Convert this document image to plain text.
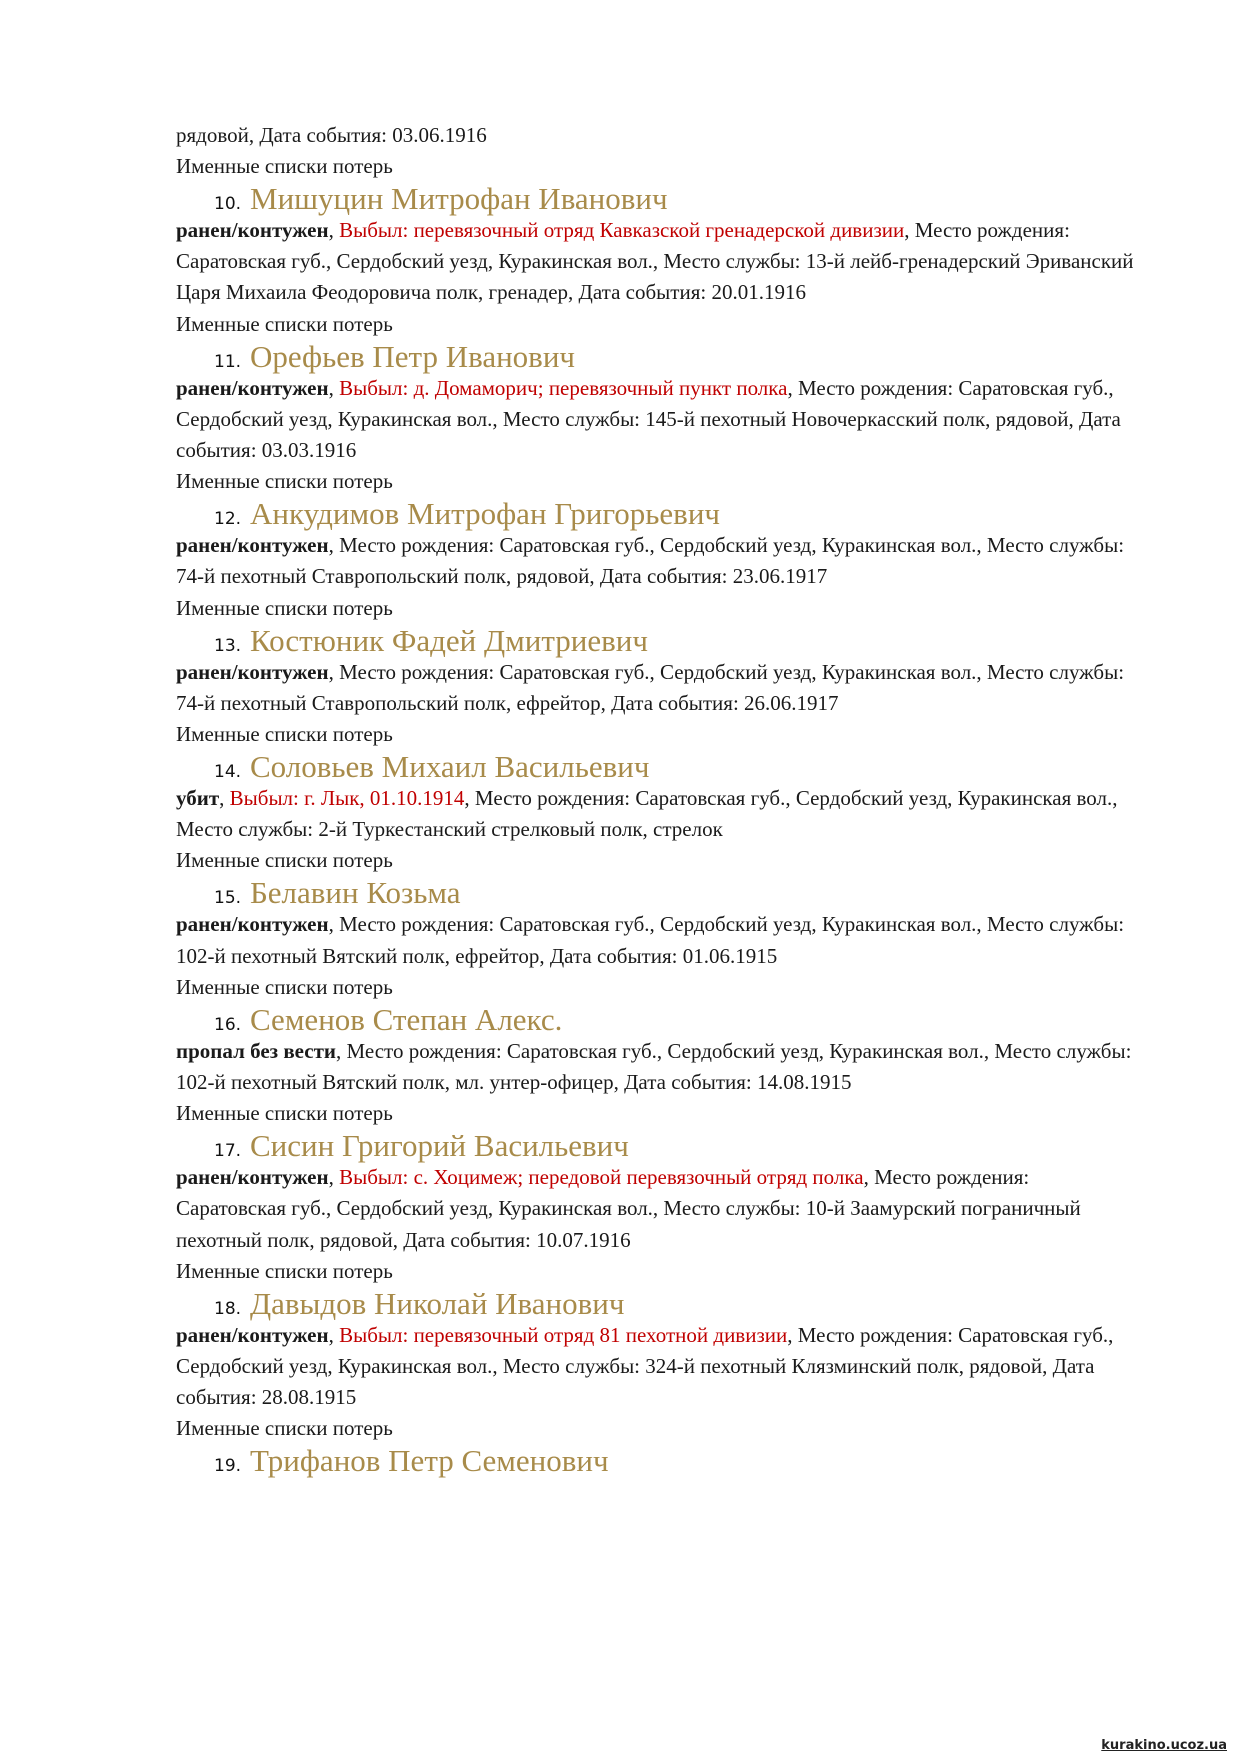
рядовой, Дата события: 03.06.1916
Именные списки потерь
10. Мишуцин Митрофан Иванович
ранен/контужен, Выбыл: перевязочный отряд Кавказской гренадерской дивизии, Место рождения: Саратовская губ., Сердобский уезд, Куракинская вол., Место службы: 13-й лейб-гренадерский Эриванский Царя Михаила Феодоровича полк, гренадер, Дата события: 20.01.1916
Именные списки потерь
11. Орефьев Петр Иванович
ранен/контужен, Выбыл: д. Домаморич; перевязочный пункт полка, Место рождения: Саратовская губ., Сердобский уезд, Куракинская вол., Место службы: 145-й пехотный Новочеркасский полк, рядовой, Дата события: 03.03.1916
Именные списки потерь
12. Анкудимов Митрофан Григорьевич
ранен/контужен, Место рождения: Саратовская губ., Сердобский уезд, Куракинская вол., Место службы: 74-й пехотный Ставропольский полк, рядовой, Дата события: 23.06.1917
Именные списки потерь
13. Костюник Фадей Дмитриевич
ранен/контужен, Место рождения: Саратовская губ., Сердобский уезд, Куракинская вол., Место службы: 74-й пехотный Ставропольский полк, ефрейтор, Дата события: 26.06.1917
Именные списки потерь
14. Соловьев Михаил Васильевич
убит, Выбыл: г. Лык, 01.10.1914, Место рождения: Саратовская губ., Сердобский уезд, Куракинская вол., Место службы: 2-й Туркестанский стрелковый полк, стрелок
Именные списки потерь
15. Белавин Козьма
ранен/контужен, Место рождения: Саратовская губ., Сердобский уезд, Куракинская вол., Место службы: 102-й пехотный Вятский полк, ефрейтор, Дата события: 01.06.1915
Именные списки потерь
16. Семенов Степан Алекс.
пропал без вести, Место рождения: Саратовская губ., Сердобский уезд, Куракинская вол., Место службы: 102-й пехотный Вятский полк, мл. унтер-офицер, Дата события: 14.08.1915
Именные списки потерь
17. Сисин Григорий Васильевич
ранен/контужен, Выбыл: с. Хоцимеж; передовой перевязочный отряд полка, Место рождения: Саратовская губ., Сердобский уезд, Куракинская вол., Место службы: 10-й Заамурский пограничный пехотный полк, рядовой, Дата события: 10.07.1916
Именные списки потерь
18. Давыдов Николай Иванович
ранен/контужен, Выбыл: перевязочный отряд 81 пехотной дивизии, Место рождения: Саратовская губ., Сердобский уезд, Куракинская вол., Место службы: 324-й пехотный Клязминский полк, рядовой, Дата события: 28.08.1915
Именные списки потерь
19. Трифанов Петр Семенович
kurakino.ucoz.ua
